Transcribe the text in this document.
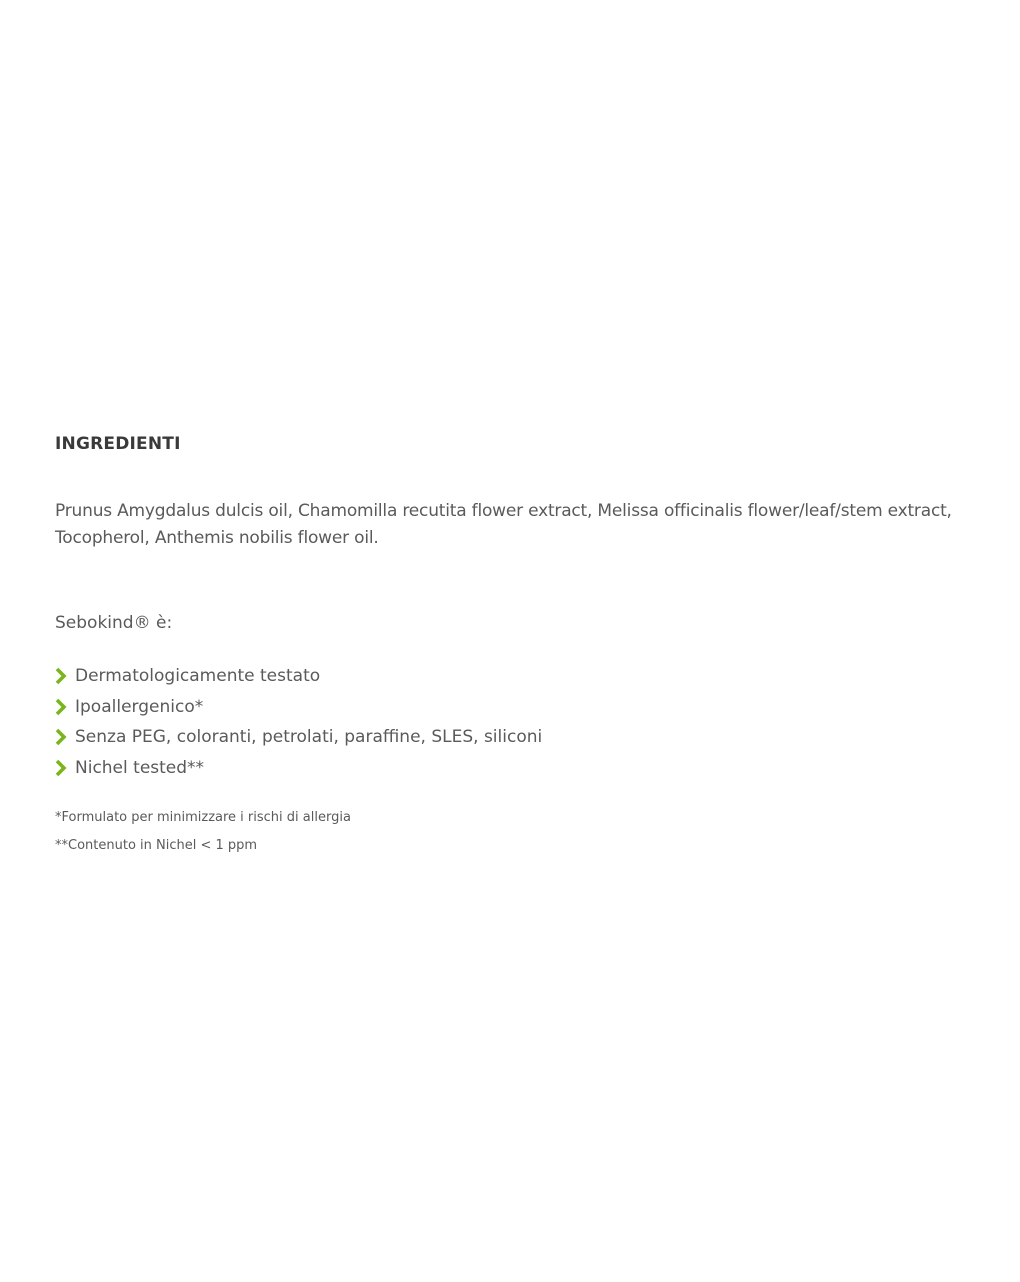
INGREDIENTI

Prunus Amygdalus dulcis oil, Chamomilla recutita flower extract, Melissa officinalis flower/leaf/stem extract, Tocopherol, Anthemis nobilis flower oil.

Sebokind® è:

Dermatologicamente testato
Ipoallergenico*
Senza PEG, coloranti, petrolati, paraffine, SLES, siliconi
Nichel tested**
*Formulato per minimizzare i rischi di allergia
**Contenuto in Nichel < 1 ppm
